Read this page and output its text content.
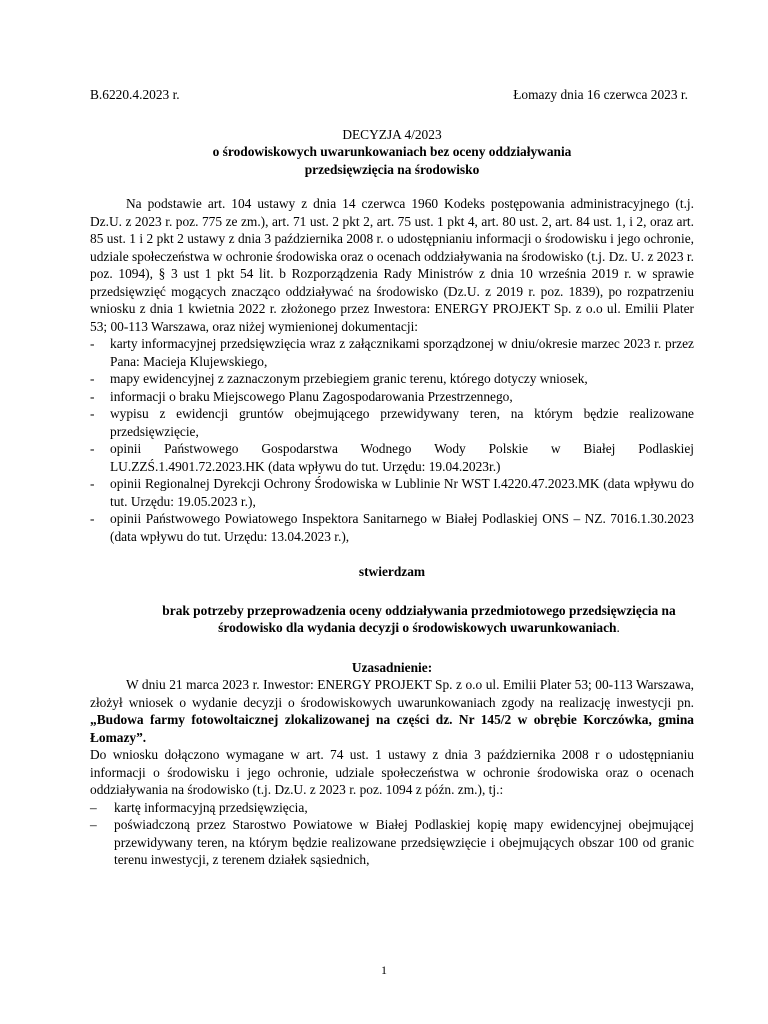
B.6220.4.2023 r.	Łomazy dnia 16 czerwca 2023 r.
DECYZJA 4/2023
o środowiskowych uwarunkowaniach bez oceny oddziaływania
przedsięwzięcia na środowisko

Na podstawie art. 104 ustawy z dnia 14 czerwca 1960 Kodeks postępowania administracyjnego (t.j. Dz.U. z 2023 r. poz. 775 ze zm.), art. 71 ust. 2 pkt 2, art. 75 ust. 1 pkt 4, art. 80 ust. 2, art. 84 ust. 1, i 2, oraz art. 85 ust. 1 i 2 pkt 2 ustawy z dnia 3 października 2008 r. o udostępnianiu informacji o środowisku i jego ochronie, udziale społeczeństwa w ochronie środowiska oraz o ocenach oddziaływania na środowisko (t.j. Dz. U. z 2023 r. poz. 1094), § 3 ust 1 pkt 54 lit. b Rozporządzenia Rady Ministrów z dnia 10 września 2019 r. w sprawie przedsięwzięć mogących znacząco oddziaływać na środowisko (Dz.U. z 2019 r. poz. 1839), po rozpatrzeniu wniosku z dnia 1 kwietnia 2022 r. złożonego przez Inwestora: ENERGY PROJEKT Sp. z o.o ul. Emilii Plater 53; 00-113 Warszawa, oraz niżej wymienionej dokumentacji:

- karty informacyjnej przedsięwzięcia wraz z załącznikami sporządzonej w dniu/okresie marzec 2023 r. przez Pana: Macieja Klujewskiego,
- mapy ewidencyjnej z zaznaczonym przebiegiem granic terenu, którego dotyczy wniosek,
- informacji o braku Miejscowego Planu Zagospodarowania Przestrzennego,
- wypisu z ewidencji gruntów obejmującego przewidywany teren, na którym będzie realizowane przedsięwzięcie,
- opinii Państwowego Gospodarstwa Wodnego Wody Polskie w Białej Podlaskiej LU.ZZŚ.1.4901.72.2023.HK (data wpływu do tut. Urzędu: 19.04.2023r.)
- opinii Regionalnej Dyrekcji Ochrony Środowiska w Lublinie Nr WST I.4220.47.2023.MK (data wpływu do tut. Urzędu: 19.05.2023 r.),
- opinii Państwowego Powiatowego Inspektora Sanitarnego w Białej Podlaskiej ONS – NZ. 7016.1.30.2023 (data wpływu do tut. Urzędu: 13.04.2023 r.),
stwierdzam
brak potrzeby przeprowadzenia oceny oddziaływania przedmiotowego przedsięwzięcia na środowisko dla wydania decyzji o środowiskowych uwarunkowaniach.
Uzasadnienie:

W dniu 21 marca 2023 r. Inwestor: ENERGY PROJEKT Sp. z o.o ul. Emilii Plater 53; 00-113 Warszawa, złożył wniosek o wydanie decyzji o środowiskowych uwarunkowaniach zgody na realizację inwestycji pn. „Budowa farmy fotowoltaicznej zlokalizowanej na części dz. Nr 145/2 w obrębie Korczówka, gmina Łomazy”.

Do wniosku dołączono wymagane w art. 74 ust. 1 ustawy z dnia 3 października 2008 r o udostępnianiu informacji o środowisku i jego ochronie, udziale społeczeństwa w ochronie środowiska oraz o ocenach oddziaływania na środowisko (t.j. Dz.U. z 2023 r. poz. 1094 z późn. zm.), tj.:

– kartę informacyjną przedsięwzięcia,
– poświadczoną przez Starostwo Powiatowe w Białej Podlaskiej kopię mapy ewidencyjnej obejmującej przewidywany teren, na którym będzie realizowane przedsięwzięcie i obejmujących obszar 100 od granic terenu inwestycji, z terenem działek sąsiednich,
1
